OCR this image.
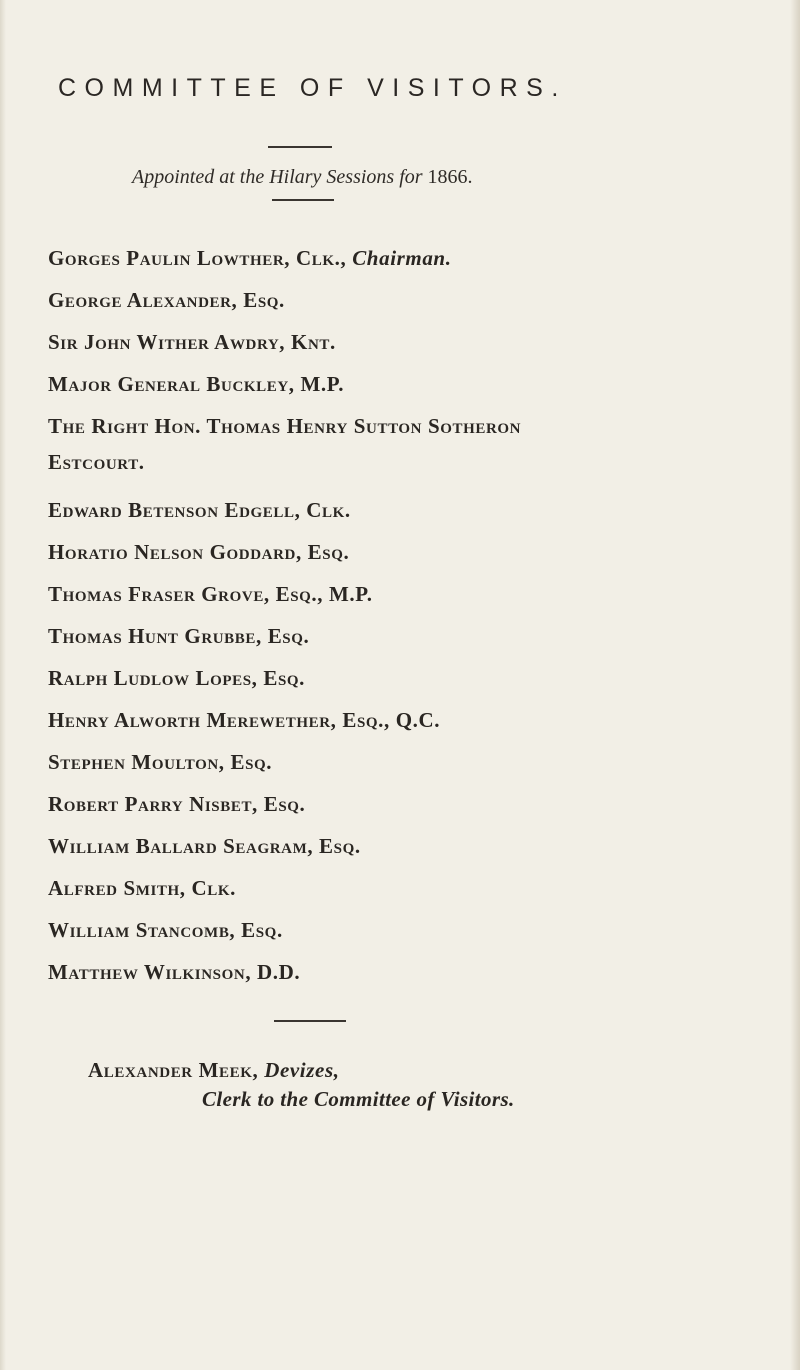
COMMITTEE OF VISITORS.
Appointed at the Hilary Sessions for 1866.
Gorges Paulin Lowther, Clk., Chairman.
George Alexander, Esq.
Sir John Wither Awdry, Knt.
Major General Buckley, M.P.
The Right Hon. Thomas Henry Sutton Sotheron
Estcourt.
Edward Betenson Edgell, Clk.
Horatio Nelson Goddard, Esq.
Thomas Fraser Grove, Esq., M.P.
Thomas Hunt Grubbe, Esq.
Ralph Ludlow Lopes, Esq.
Henry Alworth Merewether, Esq., Q.C.
Stephen Moulton, Esq.
Robert Parry Nisbet, Esq.
William Ballard Seagram, Esq.
Alfred Smith, Clk.
William Stancomb, Esq.
Matthew Wilkinson, D.D.
Alexander Meek, Devizes,
Clerk to the Committee of Visitors.
